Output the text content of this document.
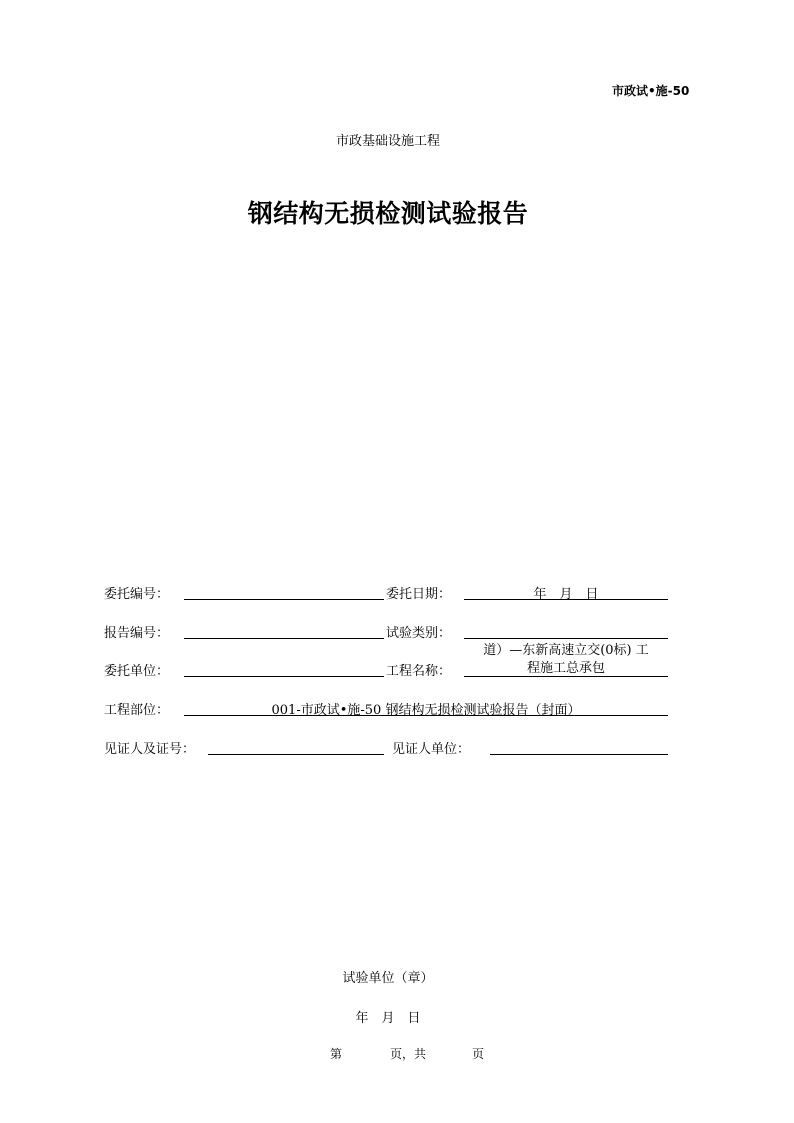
市政试•施-50
市政基础设施工程
钢结构无损检测试验报告
委托编号：	委托日期：	年　月　日
报告编号：	试验类别：
委托单位：	工程名称：
道）—东新高速立交(0标) 工
程施工总承包
工程部位：	001-市政试•施-50 钢结构无损检测试验报告（封面）
见证人及证号：	见证人单位：
试验单位（章）
年　月　日
第	页，共	页
